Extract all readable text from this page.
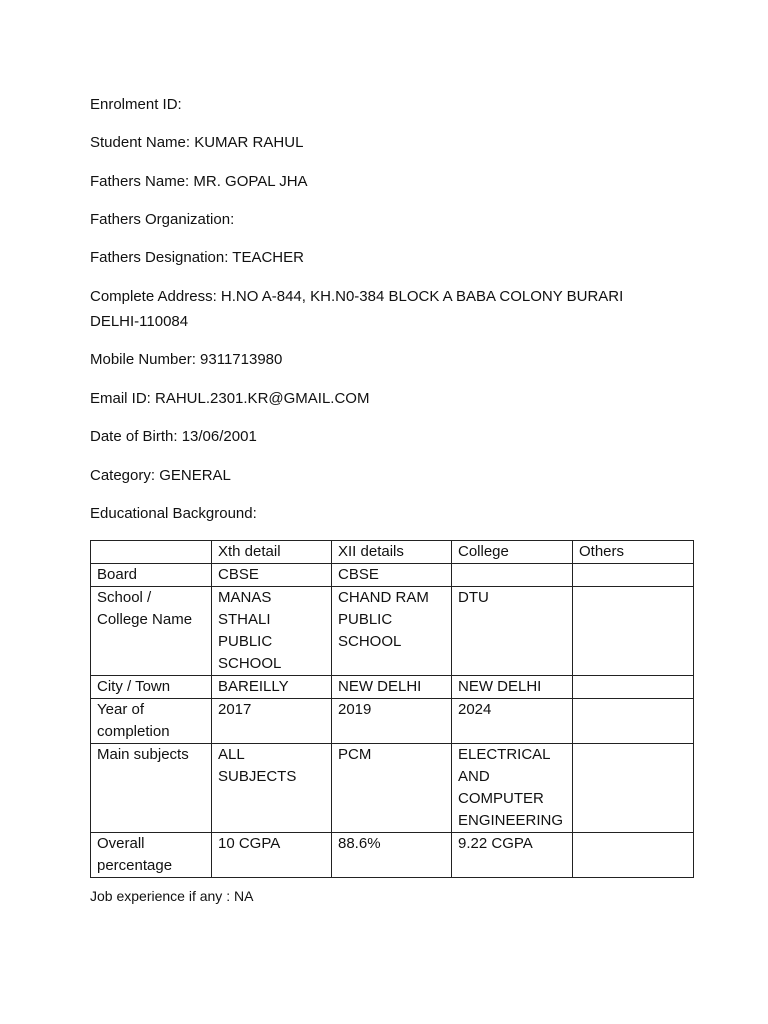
Enrolment ID:
Student Name: KUMAR RAHUL
Fathers Name: MR. GOPAL JHA
Fathers Organization:
Fathers Designation: TEACHER
Complete Address: H.NO A-844, KH.N0-384 BLOCK A BABA COLONY BURARI
DELHI-110084
Mobile Number: 9311713980
Email ID: RAHUL.2301.KR@GMAIL.COM
Date of Birth: 13/06/2001
Category: GENERAL
Educational Background:
	Xth detail	XII details	College	Others
Board	CBSE	CBSE		
School / College Name	MANAS STHALI PUBLIC SCHOOL	CHAND RAM PUBLIC SCHOOL	DTU	
City / Town	BAREILLY	NEW DELHI	NEW DELHI	
Year of completion	2017	2019	2024	
Main subjects	ALL SUBJECTS	PCM	ELECTRICAL AND COMPUTER ENGINEERING	
Overall percentage	10 CGPA	88.6%	9.22 CGPA	
Job experience if any : NA
